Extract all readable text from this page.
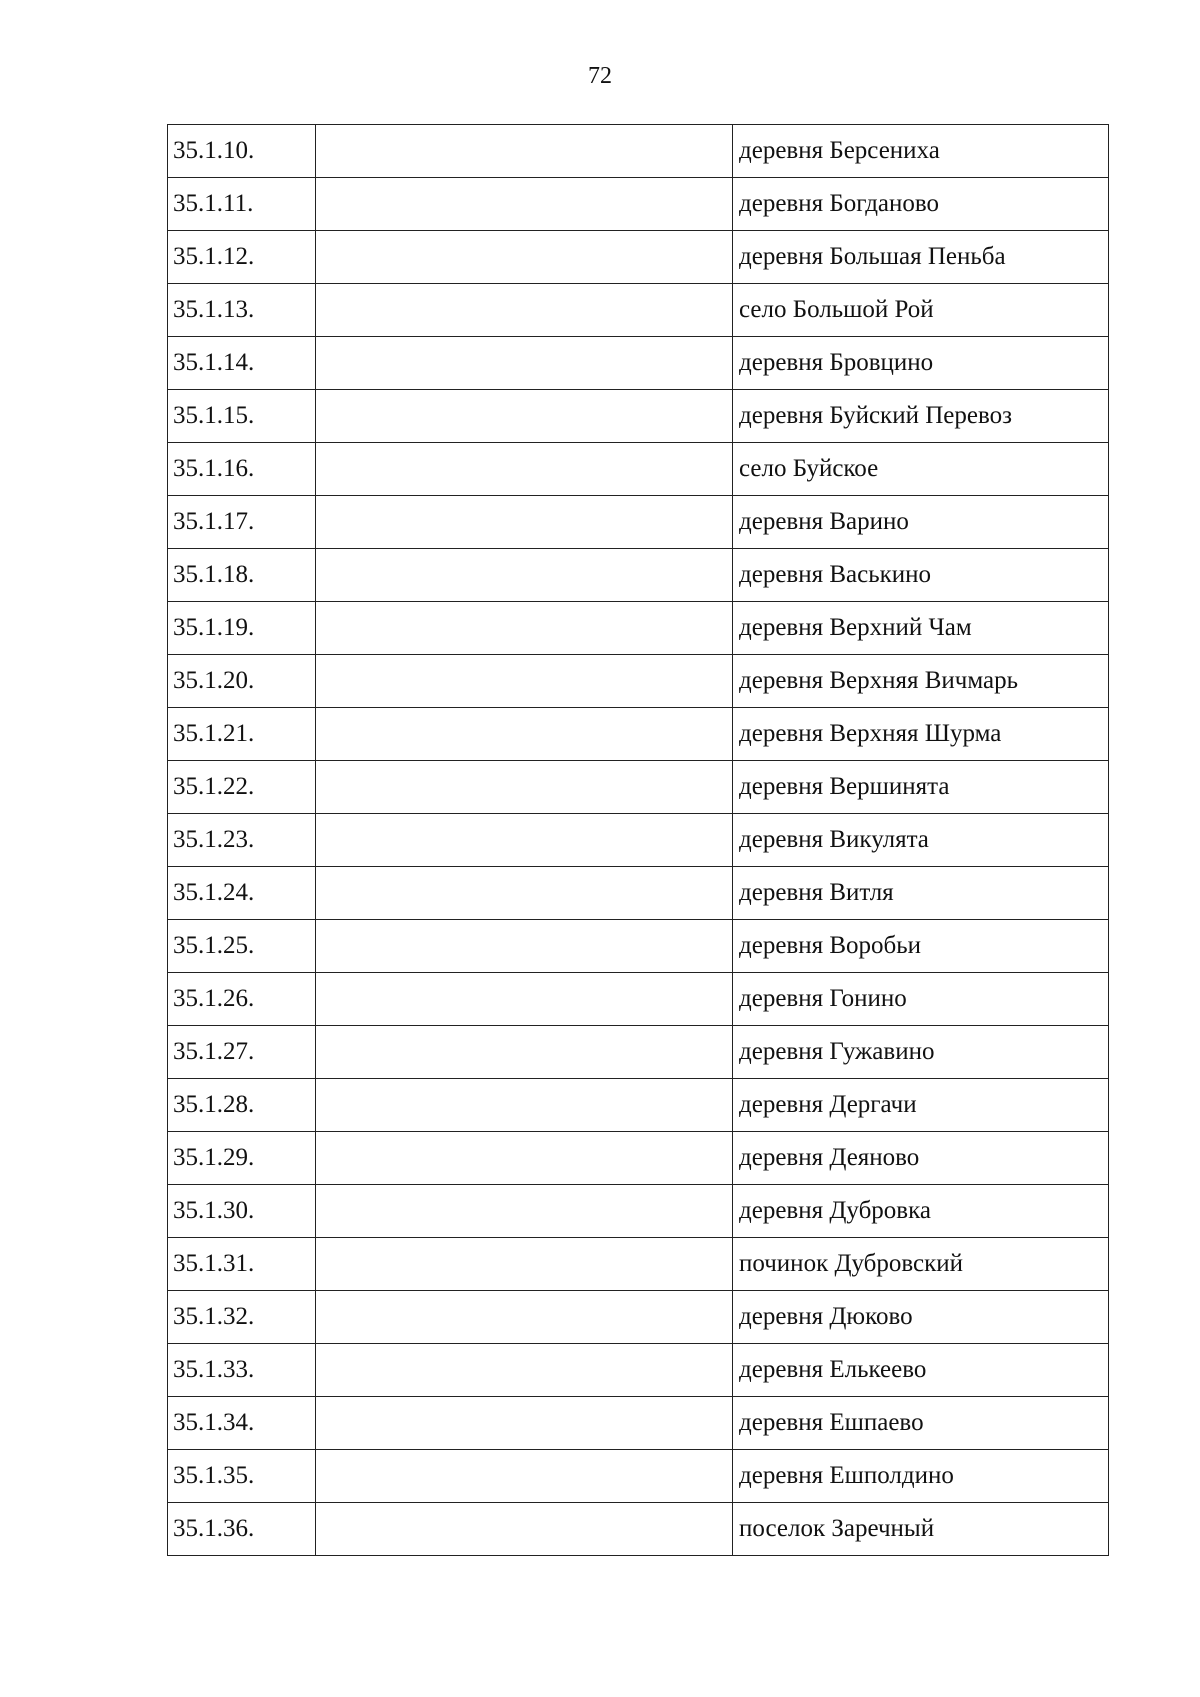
72
35.1.10.		деревня Берсениха
35.1.11.		деревня Богданово
35.1.12.		деревня Большая Пеньба
35.1.13.		село Большой Рой
35.1.14.		деревня Бровцино
35.1.15.		деревня Буйский Перевоз
35.1.16.		село Буйское
35.1.17.		деревня Варино
35.1.18.		деревня Васькино
35.1.19.		деревня Верхний Чам
35.1.20.		деревня Верхняя Вичмарь
35.1.21.		деревня Верхняя Шурма
35.1.22.		деревня Вершинята
35.1.23.		деревня Викулята
35.1.24.		деревня Витля
35.1.25.		деревня Воробьи
35.1.26.		деревня Гонино
35.1.27.		деревня Гужавино
35.1.28.		деревня Дергачи
35.1.29.		деревня Деяново
35.1.30.		деревня Дубровка
35.1.31.		починок Дубровский
35.1.32.		деревня Дюково
35.1.33.		деревня Елькеево
35.1.34.		деревня Ешпаево
35.1.35.		деревня Ешполдино
35.1.36.		поселок Заречный
